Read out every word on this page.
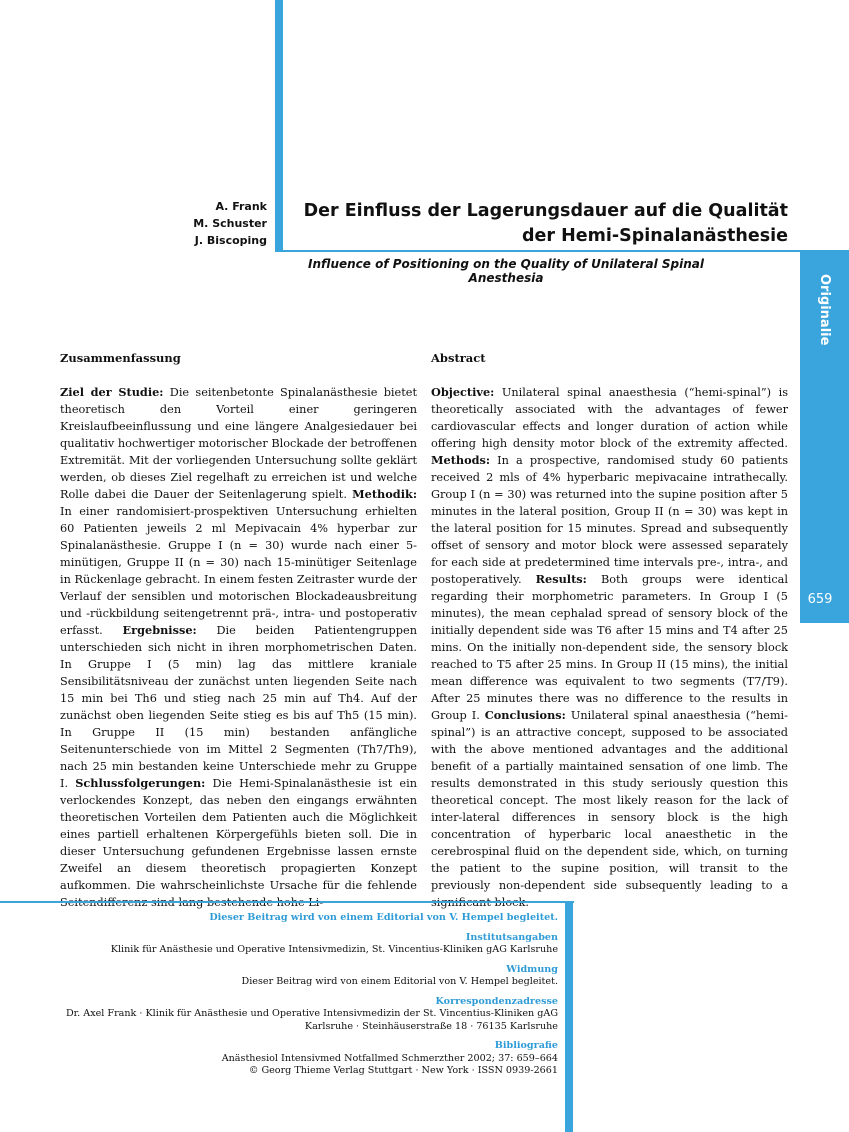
Originalie
659
A. Frank
M. Schuster
J. Biscoping
Der Einfluss der Lagerungsdauer auf die Qualität
der Hemi-Spinalanästhesie
Influence of Positioning on the Quality of Unilateral Spinal Anesthesia
Zusammenfassung

Ziel der Studie: Die seitenbetonte Spinalanästhesie bietet theoretisch den Vorteil einer geringeren Kreislaufbeeinflussung und eine längere Analgesiedauer bei qualitativ hochwertiger motorischer Blockade der betroffenen Extremität. Mit der vorliegenden Untersuchung sollte geklärt werden, ob dieses Ziel regelhaft zu erreichen ist und welche Rolle dabei die Dauer der Seitenlagerung spielt. Methodik: In einer randomisiert-prospektiven Untersuchung erhielten 60 Patienten jeweils 2 ml Mepivacain 4% hyperbar zur Spinalanästhesie. Gruppe I (n = 30) wurde nach einer 5-minütigen, Gruppe II (n = 30) nach 15-minütiger Seitenlage in Rückenlage gebracht. In einem festen Zeitraster wurde der Verlauf der sensiblen und motorischen Blockadeausbreitung und -rückbildung seitengetrennt prä-, intra- und postoperativ erfasst. Ergebnisse: Die beiden Patientengruppen unterschieden sich nicht in ihren morphometrischen Daten. In Gruppe I (5 min) lag das mittlere kraniale Sensibilitätsniveau der zunächst unten liegenden Seite nach 15 min bei Th6 und stieg nach 25 min auf Th4. Auf der zunächst oben liegenden Seite stieg es bis auf Th5 (15 min). In Gruppe II (15 min) bestanden anfängliche Seitenunterschiede von im Mittel 2 Segmenten (Th7/Th9), nach 25 min bestanden keine Unterschiede mehr zu Gruppe I. Schlussfolgerungen: Die Hemi-Spinalanästhesie ist ein verlockendes Konzept, das neben den eingangs erwähnten theoretischen Vorteilen dem Patienten auch die Möglichkeit eines partiell erhaltenen Körpergefühls bieten soll. Die in dieser Untersuchung gefundenen Ergebnisse lassen ernste Zweifel an diesem theoretisch propagierten Konzept aufkommen. Die wahrscheinlichste Ursache für die fehlende

Abstract

Objective: Unilateral spinal anaesthesia (“hemi-spinal”) is theoretically associated with the advantages of fewer cardiovascular effects and longer duration of action while offering high density motor block of the extremity affected. Methods: In a prospective, randomised study 60 patients received 2 mls of 4% hyperbaric mepivacaine intrathecally. Group I (n = 30) was returned into the supine position after 5 minutes in the lateral position, Group II (n = 30) was kept in the lateral position for 15 minutes. Spread and subsequently offset of sensory and motor block were assessed separately for each side at predetermined time intervals pre-, intra-, and postoperatively. Results: Both groups were identical regarding their morphometric parameters. In Group I (5 minutes), the mean cephalad spread of sensory block of the initially dependent side was T6 after 15 mins and T4 after 25 mins. On the initially non-dependent side, the sensory block reached to T5 after 25 mins. In Group II (15 mins), the initial mean difference was equivalent to two segments (T7/T9). After 25 minutes there was no difference to the results in Group I. Conclusions: Unilateral spinal anaesthesia (“hemi-spinal”) is an attractive concept, supposed to be associated with the above mentioned advantages and the additional benefit of a partially maintained sensation of one limb. The results demonstrated in this study seriously question this theoretical concept. The most likely reason for the lack of inter-lateral differences in sensory block is the high concentration of hyperbaric local anaesthetic in the cerebrospinal fluid on the dependent side, which, on turning the patient to the supine position, will transit to the previously non-dependent side subsequently leading to a

Dieser Beitrag wird von einem Editorial von V. Hempel begleitet.
Institutsangaben
Klinik für Anästhesie und Operative Intensivmedizin, St. Vincentius-Kliniken gAG Karlsruhe
Widmung
Dieser Beitrag wird von einem Editorial von V. Hempel begleitet.
Korrespondenzadresse
Dr. Axel Frank · Klinik für Anästhesie und Operative Intensivmedizin der St. Vincentius-Kliniken gAG
Karlsruhe · Steinhäuserstraße 18 · 76135 Karlsruhe
Bibliografie
Anästhesiol Intensivmed Notfallmed Schmerzther 2002; 37: 659–664
© Georg Thieme Verlag Stuttgart · New York · ISSN 0939-2661
